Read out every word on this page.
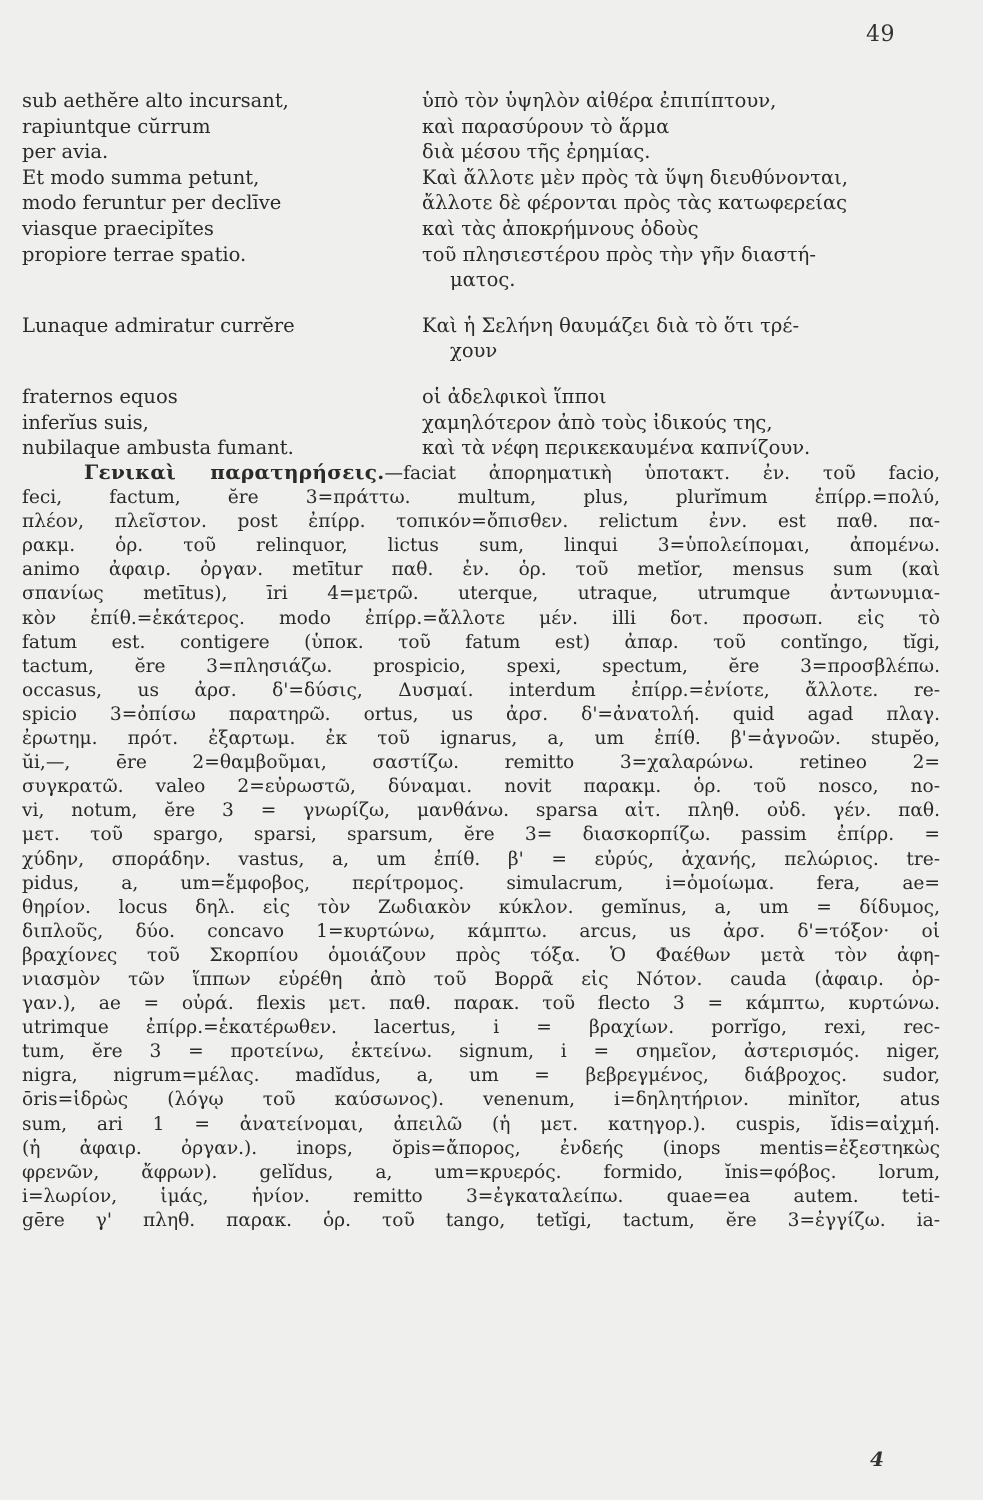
49
sub aethĕre alto incursant,	ὑπὸ τὸν ὑψηλὸν αἰθέρα ἐπιπίπτουν,
rapiuntque cŭrrum	καὶ παρασύρουν τὸ ἅρμα
per avia.	διὰ μέσου τῆς ἐρημίας.
Et modo summa petunt,	Καὶ ἄλλοτε μὲν πρὸς τὰ ὕψη διευθύνονται,
modo feruntur per declīve	ἄλλοτε δὲ φέρονται πρὸς τὰς κατωφερείας
viasque praecipĭtes	καὶ τὰς ἀποκρήμνους ὁδοὺς
propiore terrae spatio.	τοῦ πλησιεστέρου πρὸς τὴν γῆν διαστή-
ματος.
Lunaque admiratur currĕre	Καὶ ἡ Σελήνη θαυμάζει διὰ τὸ ὅτι τρέ-
χουν
fraternos equos	οἱ ἀδελφικοὶ ἵπποι
inferĭus suis,	χαμηλότερον ἀπὸ τοὺς ἰδικούς της,
nubilaque ambusta fumant.	καὶ τὰ νέφη περικεκαυμένα καπνίζουν.
Γενικαὶ παρατηρήσεις.—faciat ἀπορηματικὴ ὑποτακτ. ἐν. τοῦ facio,
feci, factum, ĕre 3=πράττω. multum, plus, plurĭmum ἐπίρρ.=πολύ,
πλέον, πλεῖστον. post ἐπίρρ. τοπικόν=ὄπισθεν. relictum ἐνν. est παθ. πα-
ρακμ. ὁρ. τοῦ relinquor, lictus sum, linqui 3=ὑπολείπομαι, ἀπομένω.
animo ἀφαιρ. ὀργαν. metītur παθ. ἐν. ὁρ. τοῦ metĭor, mensus sum (καὶ
σπανίως metītus), īri 4=μετρῶ. uterque, utraque, utrumque ἀντωνυμια-
κὸν ἐπίθ.=ἑκάτερος. modo ἐπίρρ.=ἄλλοτε μέν. illi δοτ. προσωπ. εἰς τὸ
fatum est. contigere (ὑποκ. τοῦ fatum est) ἀπαρ. τοῦ contĭngo, tĭgi,
tactum, ĕre 3=πλησιάζω. prospicio, spexi, spectum, ĕre 3=προσβλέπω.
occasus, us ἀρσ. δ'=δύσις, Δυσμαί. interdum ἐπίρρ.=ἐνίοτε, ἄλλοτε. re-
spicio 3=ὀπίσω παρατηρῶ. ortus, us ἀρσ. δ'=ἀνατολή. quid agad πλαγ.
ἐρωτημ. πρότ. ἐξαρτωμ. ἐκ τοῦ ignarus, a, um ἐπίθ. β'=ἀγνοῶν. stupĕo,
ŭi,—, ēre 2=θαμβοῦμαι, σαστίζω. remitto 3=χαλαρώνω. retineo 2=
συγκρατῶ. valeo 2=εὐρωστῶ, δύναμαι. novit παρακμ. ὁρ. τοῦ nosco, no-
vi, notum, ĕre 3 = γνωρίζω, μανθάνω. sparsa αἰτ. πληθ. οὐδ. γέν. παθ.
μετ. τοῦ spargo, sparsi, sparsum, ĕre 3= διασκορπίζω. passim ἐπίρρ. =
χύδην, σποράδην. vastus, a, um ἐπίθ. β' = εὐρύς, ἀχανής, πελώριος. tre-
pidus, a, um=ἔμφοβος, περίτρομος. simulacrum, i=ὁμοίωμα. fera, ae=
θηρίον. locus δηλ. εἰς τὸν Ζωδιακὸν κύκλον. gemĭnus, a, um = δίδυμος,
διπλοῦς, δύο. concavo 1=κυρτώνω, κάμπτω. arcus, us ἀρσ. δ'=τόξον· οἱ
βραχίονες τοῦ Σκορπίου ὁμοιάζουν πρὸς τόξα. Ὁ Φαέθων μετὰ τὸν ἀφη-
νιασμὸν τῶν ἵππων εὑρέθη ἀπὸ τοῦ Βορρᾶ εἰς Νότον. cauda (ἀφαιρ. ὀρ-
γαν.), ae = οὐρά. flexis μετ. παθ. παρακ. τοῦ flecto 3 = κάμπτω, κυρτώνω.
utrimque ἐπίρρ.=ἑκατέρωθεν. lacertus, i = βραχίων. porrĭgo, rexi, rec-
tum, ĕre 3 = προτείνω, ἐκτείνω. signum, i = σημεῖον, ἀστερισμός. niger,
nigra, nigrum=μέλας. madĭdus, a, um = βεβρεγμένος, διάβροχος. sudor,
ōris=ἱδρὼς (λόγῳ τοῦ καύσωνος). venenum, i=δηλητήριον. minĭtor, atus
sum, ari 1 = ἀνατείνομαι, ἀπειλῶ (ἡ μετ. κατηγορ.). cuspis, ĭdis=αἰχμή.
(ἡ ἀφαιρ. ὀργαν.). inops, ŏpis=ἄπορος, ἐνδεής (inops mentis=ἐξεστηκὼς
φρενῶν, ἄφρων). gelĭdus, a, um=κρυερός. formido, ĭnis=φόβος. lorum,
i=λωρίον, ἱμάς, ἡνίον. remitto 3=ἐγκαταλείπω. quae=ea autem. teti-
gēre γ' πληθ. παρακ. ὁρ. τοῦ tango, tetĭgi, tactum, ĕre 3=ἐγγίζω. ia-
4
